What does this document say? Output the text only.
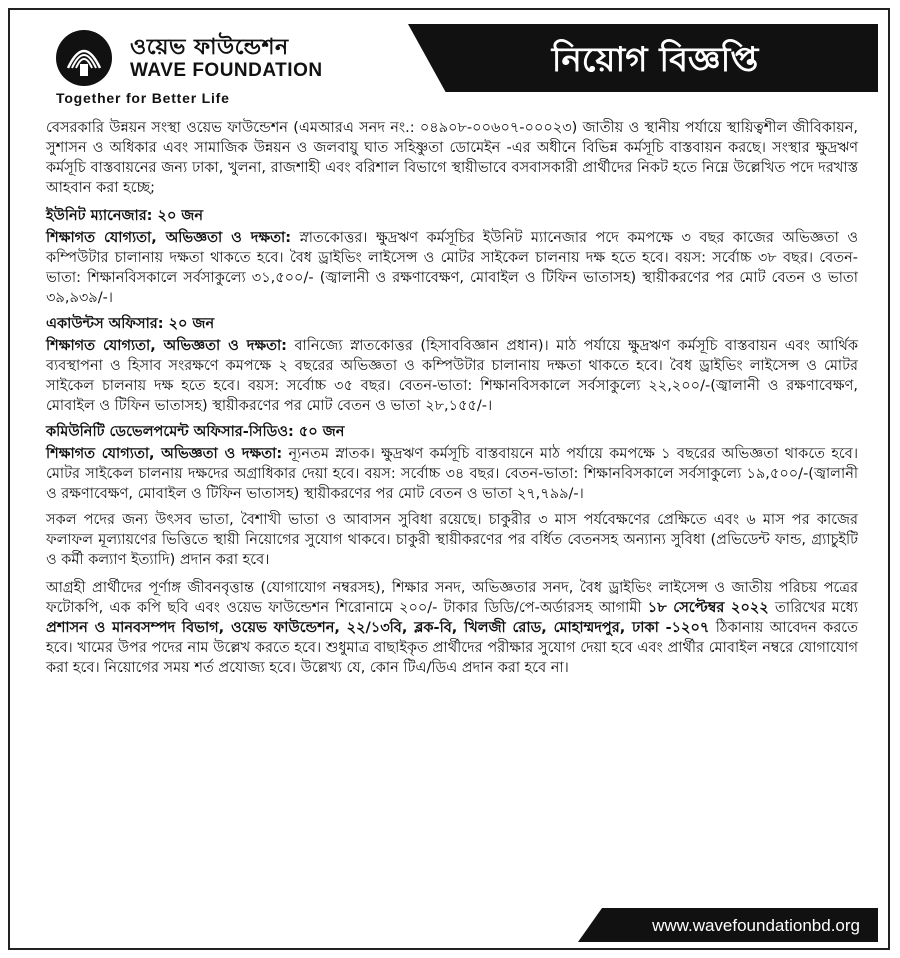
ওয়েভ ফাউন্ডেশন
WAVE FOUNDATION
Together for Better Life
নিয়োগ বিজ্ঞপ্তি

বেসরকারি উন্নয়ন সংস্থা ওয়েভ ফাউন্ডেশন (এমআরএ সনদ নং.: ০৪৯০৮-০০৬০৭-০০০২৩) জাতীয় ও স্থানীয় পর্যায়ে স্থায়িত্বশীল জীবিকায়ন, সুশাসন ও অধিকার এবং সামাজিক উন্নয়ন ও জলবায়ু ঘাত সহিষ্ণুতা ডোমেইন -এর অধীনে বিভিন্ন কর্মসূচি বাস্তবায়ন করছে। সংস্থার ক্ষুদ্রঋণ কর্মসূচি বাস্তবায়নের জন্য ঢাকা, খুলনা, রাজশাহী এবং বরিশাল বিভাগে স্থায়ীভাবে বসবাসকারী প্রার্থীদের নিকট হতে নিম্নে উল্লেখিত পদে দরখাস্ত আহবান করা হচ্ছে;

ইউনিট ম্যানেজার: ২০ জন

শিক্ষাগত যোগ্যতা, অভিজ্ঞতা ও দক্ষতা: স্নাতকোত্তর। ক্ষুদ্রঋণ কর্মসূচির ইউনিট ম্যানেজার পদে কমপক্ষে ৩ বছর কাজের অভিজ্ঞতা ও কম্পিউটার চালানায় দক্ষতা থাকতে হবে। বৈধ ড্রাইভিং লাইসেন্স ও মোটর সাইকেল চালনায় দক্ষ হতে হবে। বয়স: সর্বোচ্চ ৩৮ বছর। বেতন-ভাতা: শিক্ষানবিসকালে সর্বসাকুল্যে ৩১,৫০০/- (জ্বালানী ও রক্ষণাবেক্ষণ, মোবাইল ও টিফিন ভাতাসহ) স্থায়ীকরণের পর মোট বেতন ও ভাতা ৩৯,৯৩৯/-।

একাউন্টস অফিসার: ২০ জন

শিক্ষাগত যোগ্যতা, অভিজ্ঞতা ও দক্ষতা: বানিজ্যে স্নাতকোত্তর (হিসাববিজ্ঞান প্রধান)। মাঠ পর্যায়ে ক্ষুদ্রঋণ কর্মসূচি বাস্তবায়ন এবং আর্থিক ব্যবস্থাপনা ও হিসাব সংরক্ষণে কমপক্ষে ২ বছরের অভিজ্ঞতা ও কম্পিউটার চালানায় দক্ষতা থাকতে হবে। বৈধ ড্রাইভিং লাইসেন্স ও মোটর সাইকেল চালনায় দক্ষ হতে হবে। বয়স: সর্বোচ্চ ৩৫ বছর। বেতন-ভাতা: শিক্ষানবিসকালে সর্বসাকুল্যে ২২,২০০/-(জ্বালানী ও রক্ষণাবেক্ষণ, মোবাইল ও টিফিন ভাতাসহ) স্থায়ীকরণের পর মোট বেতন ও ভাতা ২৮,১৫৫/-।

কমিউনিটি ডেভেলপমেন্ট অফিসার-সিডিও: ৫০ জন

শিক্ষাগত যোগ্যতা, অভিজ্ঞতা ও দক্ষতা: ন্যূনতম স্নাতক। ক্ষুদ্রঋণ কর্মসূচি বাস্তবায়নে মাঠ পর্যায়ে কমপক্ষে ১ বছরের অভিজ্ঞতা থাকতে হবে। মোটর সাইকেল চালনায় দক্ষদের অগ্রাধিকার দেয়া হবে। বয়স: সর্বোচ্চ ৩৪ বছর। বেতন-ভাতা: শিক্ষানবিসকালে সর্বসাকুল্যে ১৯,৫০০/-(জ্বালানী ও রক্ষণাবেক্ষণ, মোবাইল ও টিফিন ভাতাসহ) স্থায়ীকরণের পর মোট বেতন ও ভাতা ২৭,৭৯৯/-।

সকল পদের জন্য উৎসব ভাতা, বৈশাখী ভাতা ও আবাসন সুবিধা রয়েছে। চাকুরীর ৩ মাস পর্যবেক্ষণের প্রেক্ষিতে এবং ৬ মাস পর কাজের ফলাফল মূল্যায়ণের ভিত্তিতে স্থায়ী নিয়োগের সুযোগ থাকবে। চাকুরী স্থায়ীকরণের পর বর্ধিত বেতনসহ অন্যান্য সুবিধা (প্রভিডেন্ট ফান্ড, গ্র্যাচুইটি ও কর্মী কল্যাণ ইত্যাদি) প্রদান করা হবে।

আগ্রহী প্রার্থীদের পূর্ণাঙ্গ জীবনবৃত্তান্ত (যোগাযোগ নম্বরসহ), শিক্ষার সনদ, অভিজ্ঞতার সনদ, বৈধ ড্রাইভিং লাইসেন্স ও জাতীয় পরিচয় পত্রের ফটোকপি, এক কপি ছবি এবং ওয়েভ ফাউন্ডেশন শিরোনামে ২০০/- টাকার ডিডি/পে-অর্ডারসহ আগামী ১৮ সেপ্টেম্বর ২০২২ তারিখের মধ্যে প্রশাসন ও মানবসম্পদ বিভাগ, ওয়েভ ফাউন্ডেশন, ২২/১৩বি, ব্লক-বি, খিলজী রোড, মোহাম্মদপুর, ঢাকা -১২০৭ ঠিকানায় আবেদন করতে হবে। খামের উপর পদের নাম উল্লেখ করতে হবে। শুধুমাত্র বাছাইকৃত প্রার্থীদের পরীক্ষার সুযোগ দেয়া হবে এবং প্রার্থীর মোবাইল নম্বরে যোগাযোগ করা হবে। নিয়োগের সময় শর্ত প্রযোজ্য হবে। উল্লেখ্য যে, কোন টিএ/ডিএ প্রদান করা হবে না।

www.wavefoundationbd.org
